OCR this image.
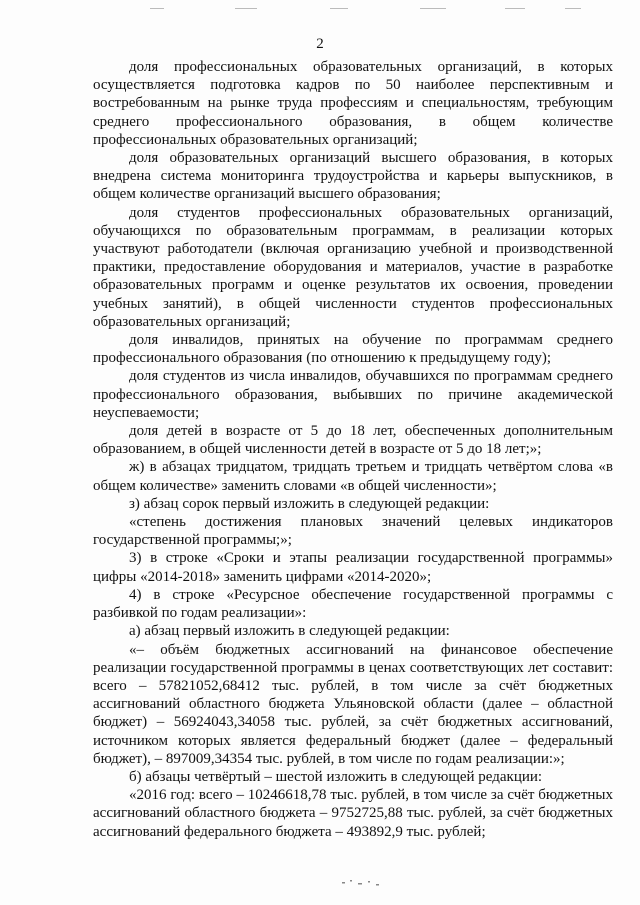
2

доля профессиональных образовательных организаций, в которых осуществляется подготовка кадров по 50 наиболее перспективным и востребованным на рынке труда профессиям и специальностям, требующим среднего профессионального образования, в общем количестве профессиональных образовательных организаций;

доля образовательных организаций высшего образования, в которых внедрена система мониторинга трудоустройства и карьеры выпускников, в общем количестве организаций высшего образования;

доля студентов профессиональных образовательных организаций, обучающихся по образовательным программам, в реализации которых участвуют работодатели (включая организацию учебной и производственной практики, предоставление оборудования и материалов, участие в разработке образовательных программ и оценке результатов их освоения, проведении учебных занятий), в общей численности студентов профессиональных образовательных организаций;

доля инвалидов, принятых на обучение по программам среднего профессионального образования (по отношению к предыдущему году);

доля студентов из числа инвалидов, обучавшихся по программам среднего профессионального образования, выбывших по причине академической неуспеваемости;

доля детей в возрасте от 5 до 18 лет, обеспеченных дополнительным образованием, в общей численности детей в возрасте от 5 до 18 лет;»;

ж) в абзацах тридцатом, тридцать третьем и тридцать четвёртом слова «в общем количестве» заменить словами «в общей численности»;

з) абзац сорок первый изложить в следующей редакции:

«степень достижения плановых значений целевых индикаторов государственной программы;»;

3) в строке «Сроки и этапы реализации государственной программы» цифры «2014-2018» заменить цифрами «2014-2020»;

4) в строке «Ресурсное обеспечение государственной программы с разбивкой по годам реализации»:

а) абзац первый изложить в следующей редакции:

«– объём бюджетных ассигнований на финансовое обеспечение реализации государственной программы в ценах соответствующих лет составит: всего – 57821052,68412 тыс. рублей, в том числе за счёт бюджетных ассигнований областного бюджета Ульяновской области (далее – областной бюджет) – 56924043,34058 тыс. рублей, за счёт бюджетных ассигнований, источником которых является федеральный бюджет (далее – федеральный бюджет), – 897009,34354 тыс. рублей, в том числе по годам реализации:»;

б) абзацы четвёртый – шестой изложить в следующей редакции:

«2016 год: всего – 10246618,78 тыс. рублей, в том числе за счёт бюджетных ассигнований областного бюджета – 9752725,88 тыс. рублей, за счёт бюджетных ассигнований федерального бюджета – 493892,9 тыс. рублей;
